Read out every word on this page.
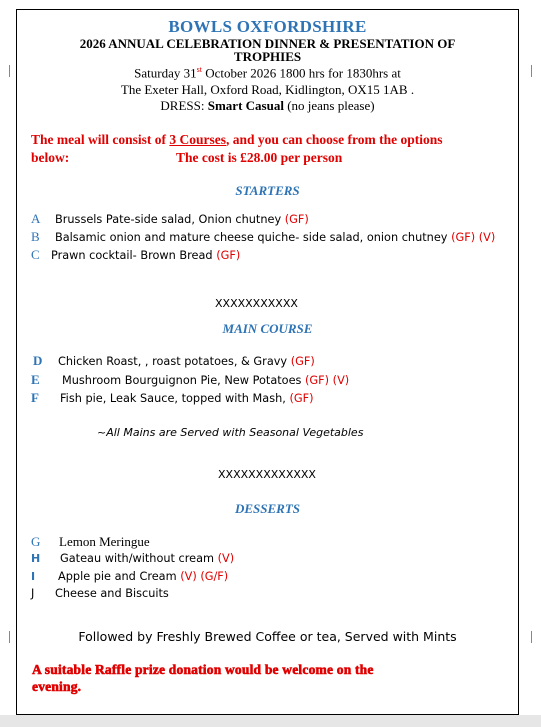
BOWLS OXFORDSHIRE
2026 ANNUAL CELEBRATION DINNER & PRESENTATION OF
TROPHIES
Saturday 31st October 2026 1800 hrs for 1830hrs at
The Exeter Hall, Oxford Road, Kidlington, OX15 1AB .
DRESS: Smart Casual (no jeans please)
The meal will consist of 3 Courses, and you can choose from the options
below:	The cost is £28.00 per person
STARTERS
A Brussels Pate-side salad, Onion chutney (GF)
B Balsamic onion and mature cheese quiche- side salad, onion chutney (GF) (V)
C Prawn cocktail- Brown Bread (GF)
XXXXXXXXXXX
MAIN COURSE
D Chicken Roast, , roast potatoes, & Gravy (GF)
E Mushroom Bourguignon Pie, New Potatoes (GF) (V)
F Fish pie, Leak Sauce, topped with Mash, (GF)
~All Mains are Served with Seasonal Vegetables
XXXXXXXXXXXXX
DESSERTS
G Lemon Meringue
H Gateau with/without cream (V)
I Apple pie and Cream (V) (G/F)
J Cheese and Biscuits
Followed by Freshly Brewed Coffee or tea, Served with Mints
A suitable Raffle prize donation would be welcome on the
evening.
